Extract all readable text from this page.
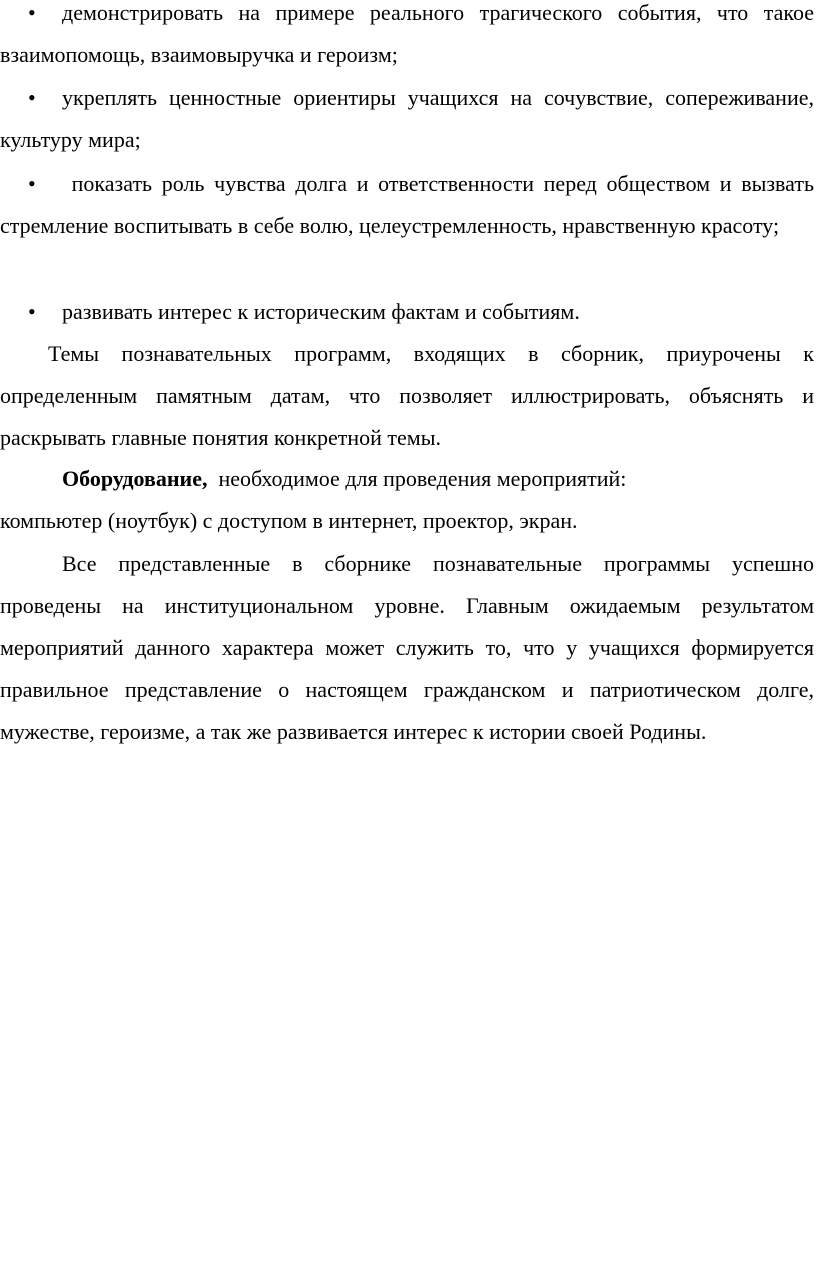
• демонстрировать на примере реального трагического события, что такое взаимопомощь, взаимовыручка и героизм;

• укреплять ценностные ориентиры учащихся на сочувствие, сопереживание, культуру мира;

• показать роль чувства долга и ответственности перед обществом и вызвать стремление воспитывать в себе волю, целеустремленность, нравственную красоту;

• развивать интерес к историческим фактам и событиям.

Темы познавательных программ, входящих в сборник, приурочены к определенным памятным датам, что позволяет иллюстрировать, объяснять и раскрывать главные понятия конкретной темы.

Оборудование, необходимое для проведения мероприятий:

компьютер (ноутбук) с доступом в интернет, проектор, экран.

Все представленные в сборнике познавательные программы успешно проведены на институциональном уровне. Главным ожидаемым результатом мероприятий данного характера может служить то, что у учащихся формируется правильное представление о настоящем гражданском и патриотическом долге, мужестве, героизме, а так же развивается интерес к истории своей Родины.
